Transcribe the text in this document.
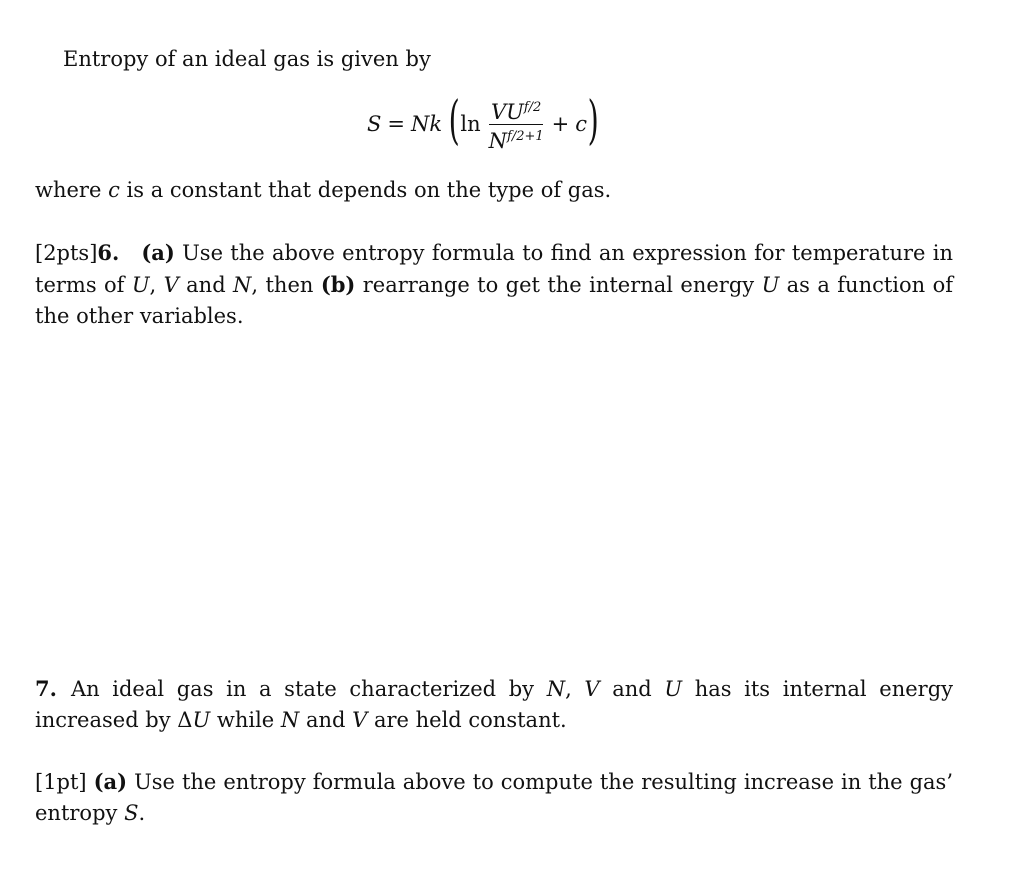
Entropy of an ideal gas is given by

S = Nk ( $\ln \frac{VU^{f/2}}{N^{f/2+1}} + c$ )

where c is a constant that depends on the type of gas.

[2pts]6. (a) Use the above entropy formula to find an expression for temperature in terms of U, V and N, then (b) rearrange to get the internal energy U as a function of the other variables.

7. An ideal gas in a state characterized by N, V and U has its internal energy increased by ΔU while N and V are held constant.

[1pt] (a) Use the entropy formula above to compute the resulting increase in the gas’ entropy S.
